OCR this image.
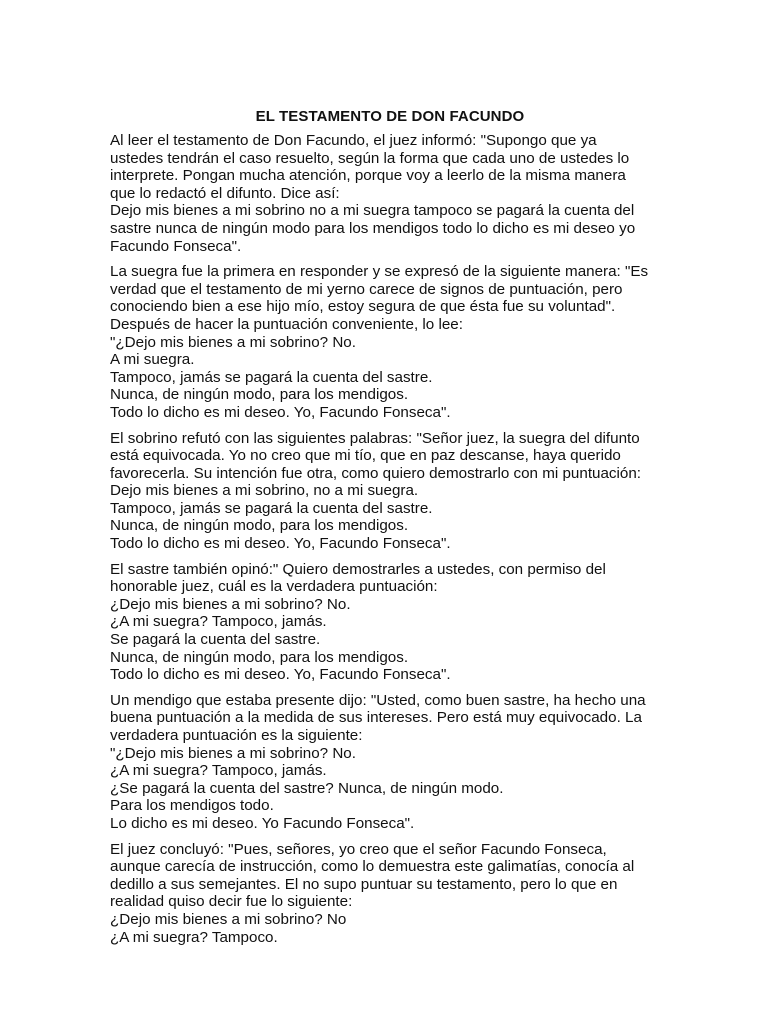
EL TESTAMENTO DE DON FACUNDO
Al leer el testamento de Don Facundo, el juez informó: "Supongo que ya
ustedes tendrán el caso resuelto, según la forma que cada uno de ustedes lo
interprete. Pongan mucha atención, porque voy a leerlo de la misma manera
que lo redactó el difunto. Dice así:
Dejo mis bienes a mi sobrino no a mi suegra tampoco se pagará la cuenta del
sastre nunca de ningún modo para los mendigos todo lo dicho es mi deseo yo
Facundo Fonseca".
La suegra fue la primera en responder y se expresó de la siguiente manera: "Es
verdad que el testamento de mi yerno carece de signos de puntuación, pero
conociendo bien a ese hijo mío, estoy segura de que ésta fue su voluntad".
Después de hacer la puntuación conveniente, lo lee:
"¿Dejo mis bienes a mi sobrino? No.
A mi suegra.
Tampoco, jamás se pagará la cuenta del sastre.
Nunca, de ningún modo, para los mendigos.
Todo lo dicho es mi deseo. Yo, Facundo Fonseca".
El sobrino refutó con las siguientes palabras: "Señor juez, la suegra del difunto
está equivocada. Yo no creo que mi tío, que en paz descanse, haya querido
favorecerla. Su intención fue otra, como quiero demostrarlo con mi puntuación:
Dejo mis bienes a mi sobrino, no a mi suegra.
Tampoco, jamás se pagará la cuenta del sastre.
Nunca, de ningún modo, para los mendigos.
Todo lo dicho es mi deseo. Yo, Facundo Fonseca".
El sastre también opinó:" Quiero demostrarles a ustedes, con permiso del
honorable juez, cuál es la verdadera puntuación:
¿Dejo mis bienes a mi sobrino? No.
¿A mi suegra? Tampoco, jamás.
Se pagará la cuenta del sastre.
Nunca, de ningún modo, para los mendigos.
Todo lo dicho es mi deseo. Yo, Facundo Fonseca".
Un mendigo que estaba presente dijo: "Usted, como buen sastre, ha hecho una
buena puntuación a la medida de sus intereses. Pero está muy equivocado. La
verdadera puntuación es la siguiente:
"¿Dejo mis bienes a mi sobrino? No.
¿A mi suegra? Tampoco, jamás.
¿Se pagará la cuenta del sastre? Nunca, de ningún modo.
Para los mendigos todo.
Lo dicho es mi deseo. Yo Facundo Fonseca".
El juez concluyó: "Pues, señores, yo creo que el señor Facundo Fonseca,
aunque carecía de instrucción, como lo demuestra este galimatías, conocía al
dedillo a sus semejantes. El no supo puntuar su testamento, pero lo que en
realidad quiso decir fue lo siguiente:
¿Dejo mis bienes a mi sobrino? No
¿A mi suegra? Tampoco.
